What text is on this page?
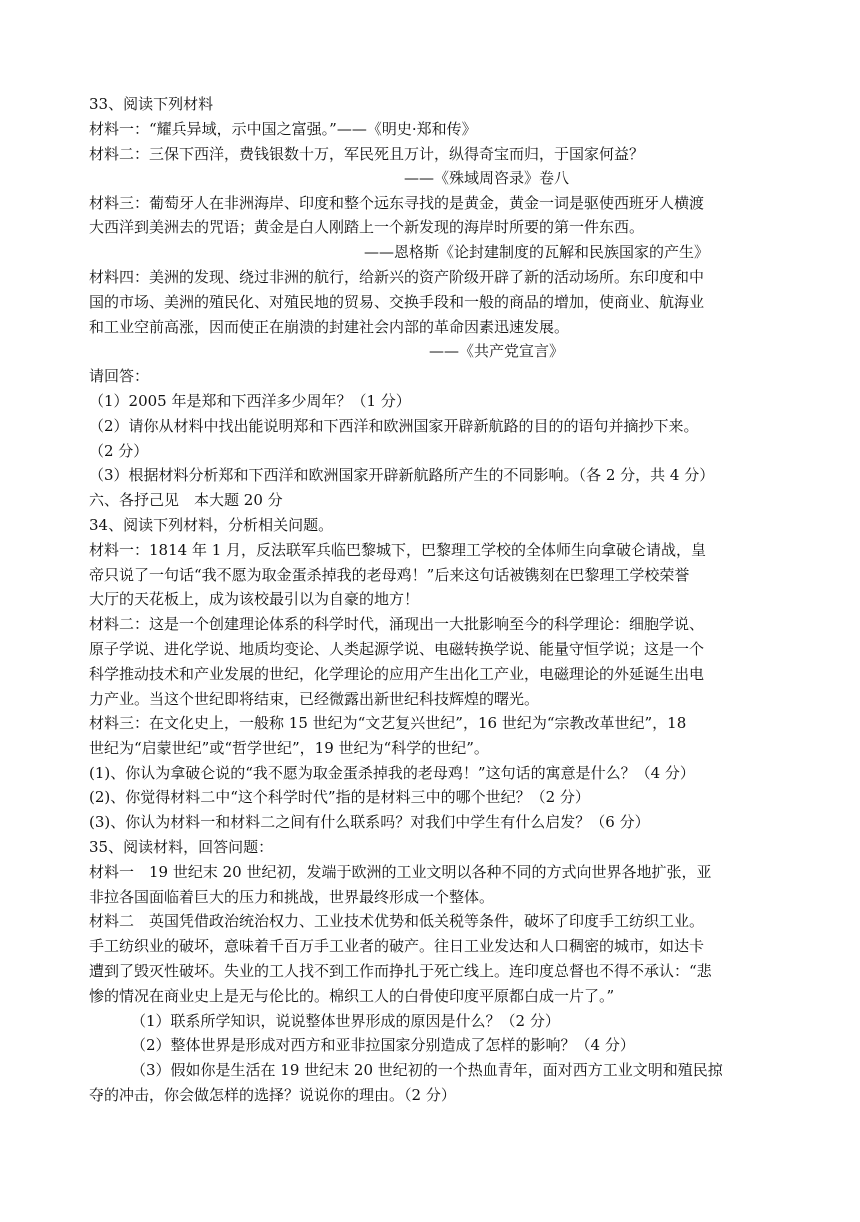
33、阅读下列材料
材料一：“耀兵异域，示中国之富强。”——《明史·郑和传》
材料二：三保下西洋，费钱银数十万，军民死且万计，纵得奇宝而归，于国家何益？
——《殊域周咨录》卷八
材料三：葡萄牙人在非洲海岸、印度和整个远东寻找的是黄金，黄金一词是驱使西班牙人横渡
大西洋到美洲去的咒语；黄金是白人刚踏上一个新发现的海岸时所要的第一件东西。
——恩格斯《论封建制度的瓦解和民族国家的产生》
材料四：美洲的发现、绕过非洲的航行，给新兴的资产阶级开辟了新的活动场所。东印度和中
国的市场、美洲的殖民化、对殖民地的贸易、交换手段和一般的商品的增加，使商业、航海业
和工业空前高涨，因而使正在崩溃的封建社会内部的革命因素迅速发展。
——《共产党宣言》
请回答：
（1）2005 年是郑和下西洋多少周年？（1 分）
（2）请你从材料中找出能说明郑和下西洋和欧洲国家开辟新航路的目的的语句并摘抄下来。
（2 分）
（3）根据材料分析郑和下西洋和欧洲国家开辟新航路所产生的不同影响。（各 2 分，共 4 分）
六、各抒己见　本大题 20 分
34、阅读下列材料，分析相关问题。
材料一：1814 年 1 月，反法联军兵临巴黎城下，巴黎理工学校的全体师生向拿破仑请战，皇
帝只说了一句话“我不愿为取金蛋杀掉我的老母鸡！”后来这句话被镌刻在巴黎理工学校荣誉
大厅的天花板上，成为该校最引以为自豪的地方！
材料二：这是一个创建理论体系的科学时代，涌现出一大批影响至今的科学理论：细胞学说、
原子学说、进化学说、地质均变论、人类起源学说、电磁转换学说、能量守恒学说；这是一个
科学推动技术和产业发展的世纪，化学理论的应用产生出化工产业，电磁理论的外延诞生出电
力产业。当这个世纪即将结束，已经微露出新世纪科技辉煌的曙光。
材料三：在文化史上，一般称 15 世纪为“文艺复兴世纪”，16 世纪为“宗教改革世纪”，18
世纪为“启蒙世纪”或“哲学世纪”，19 世纪为“科学的世纪”。
(1)、你认为拿破仑说的“我不愿为取金蛋杀掉我的老母鸡！”这句话的寓意是什么？（4 分）
(2)、你觉得材料二中“这个科学时代”指的是材料三中的哪个世纪？（2 分）
(3)、你认为材料一和材料二之间有什么联系吗？对我们中学生有什么启发？（6 分）
35、阅读材料，回答问题：
材料一　19 世纪末 20 世纪初，发端于欧洲的工业文明以各种不同的方式向世界各地扩张，亚
非拉各国面临着巨大的压力和挑战，世界最终形成一个整体。
材料二　英国凭借政治统治权力、工业技术优势和低关税等条件，破坏了印度手工纺织工业。
手工纺织业的破坏，意味着千百万手工业者的破产。往日工业发达和人口稠密的城市，如达卡
遭到了毁灭性破坏。失业的工人找不到工作而挣扎于死亡线上。连印度总督也不得不承认：“悲
惨的情况在商业史上是无与伦比的。棉织工人的白骨使印度平原都白成一片了。”
（1）联系所学知识，说说整体世界形成的原因是什么？（2 分）
（2）整体世界是形成对西方和亚非拉国家分别造成了怎样的影响？（4 分）
（3）假如你是生活在 19 世纪末 20 世纪初的一个热血青年，面对西方工业文明和殖民掠
夺的冲击，你会做怎样的选择？说说你的理由。（2 分）
